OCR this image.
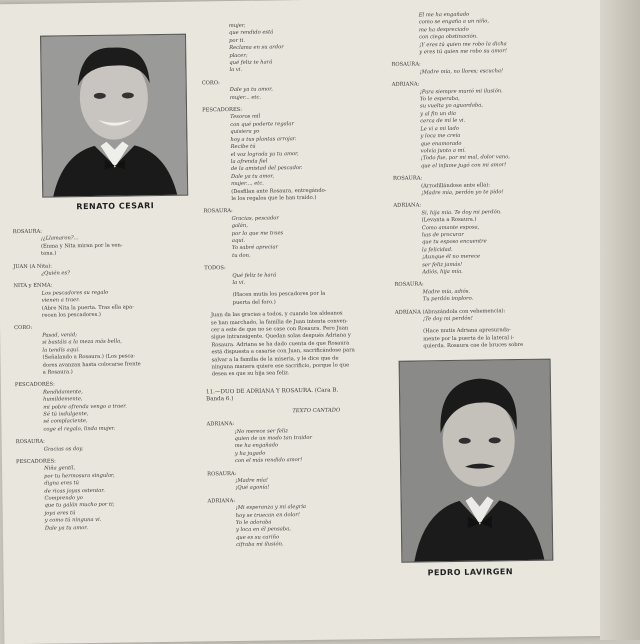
RENATO CESARI
ROSAURA:
¡¿Llamaron?...
(Enma y Nita miran por la ven-
tana.)
JUAN (A Nita):
¿Quién es?
NITA y ENMA:
Los pescadores su regalo
vienen a traer.
(Abre Nita la puerta. Tras ella apa-
recen los pescadores.)
CORO:
Pasad, venid;
si bastáis a la meza más bella,
la tendís aquí.
(Señalando a Rosaura.) (Los pesca-
dores avanzan hasta colocarse frente
a Rosaura.)
PESCADORES:
Rendidamente,
humildemente,
mi pobre ofrenda vengo a traer.
Sé tú indulgente,
sé complaciente,
coge el regalo, linda mujer.
ROSAURA:
Gracias os doy.
PESCADORES:
Niña gentil,
por tu hermosura singular,
digna eres tú
de ricas joyas ostentar.
Comprendo yo
que tu galán mucho por ti;
joya eres tú
y como tú ninguna vi.
Dale ya tu amor.
mujer,
que rendido está
por ti.
Reclama en su ardor
placer;
qué feliz te hará
la vi.
CORO:
Dale ya tu amor,
mujer... etc.
PESCADORES:
Tesoros mil
con qué poderte regalar
quisiera yo
hoy a tus plantas arrojar.
Recibe tú
el voz lograda ya tu amor,
la ofrenda fiel
de la amistad del pescador.
Dale ya tu amor,
mujer..., etc.
(Desfilan ante Rosaura, entregándo-
le los regalos que le han traído.)
ROSAURA:
Gracias, pescador
galán,
por lo que me traes
aquí.
Yo sabré apreciar
tu don.
TODOS:
Qué feliz te hará
la vi.
(Hacen mutis los pescadores por la
puerta del foro.)
Juan da las gracias a todos, y cuando los aldeanos
se han marchado, la familia de Juan intenta conven-
cer a este de que no se case con Rosaura. Pero Juan
sigue intransigente. Quedan solas después Adriana y
Rosaura. Adriana se ha dado cuenta de que Rosaura
está dispuesta a casarse con Juan, sacrificándose para
salvar a la familia de la miseria, y le dice que de
ninguna manera quiere ese sacrificio, porque lo que
desea es que su hija sea feliz.
11.—DUO DE ADRIANA Y ROSAURA. (Cara B.
Banda 6.)
TEXTO CANTADO
ADRIANA:
¡No merece ser feliz
quien de un modo tan traidor
me ha engañado
y ha jugado
con el más rendido amor!
ROSAURA:
¡Madre mía!
¡Qué agonía!
ADRIANA:
¡Mi esperanza y mi alegría
hoy se truecan en dolor!
Yo le adoraba
y loca en él pensaba,
que es su cariño
cifraba mi ilusión.
El me ha engañado
como se engaña a un niño,
me ha despreciado
con ciega obstinación.
¡Y eres tú quien me robo la dicha
y eres tú quien me robo su amor!
ROSAURA:
¡Madre mía, no llores; escucha!
ADRIANA:
¡Para siempre murió mi ilusión.
Yo le esperaba,
su vuelta yo aguardaba,
y al fin un día
cerca de mí le vi.
Le vi a mi lado
y loca me creía
que enamorado
volvía junto a mí.
¡Todo fue, por mi mal, dolor vano,
que el infame jugó con mi amor!
ROSAURA:
(Arrodillándose ante ella):
¡Madre mía, perdón yo te pido!
ADRIANA:
Si, hija mía. Te doy mi perdón.
(Levanta a Rosaura.)
Como amante esposa,
has de procurar
que tu esposo encuentre
la felicidad.
¡Aunque él no merece
ser feliz jamás!
Adiós, hija mía.
ROSAURA:
Madre mía, adiós.
Tu perdón imploro.
ADRIANA (Abrazándola con vehemencia):
¡Te doy mi perdón!
(Hace mutis Adriana apresurada-
mente por la puerta de la lateral i-
quierda. Rosaura cae de bruces sobre
PEDRO LAVIRGEN
